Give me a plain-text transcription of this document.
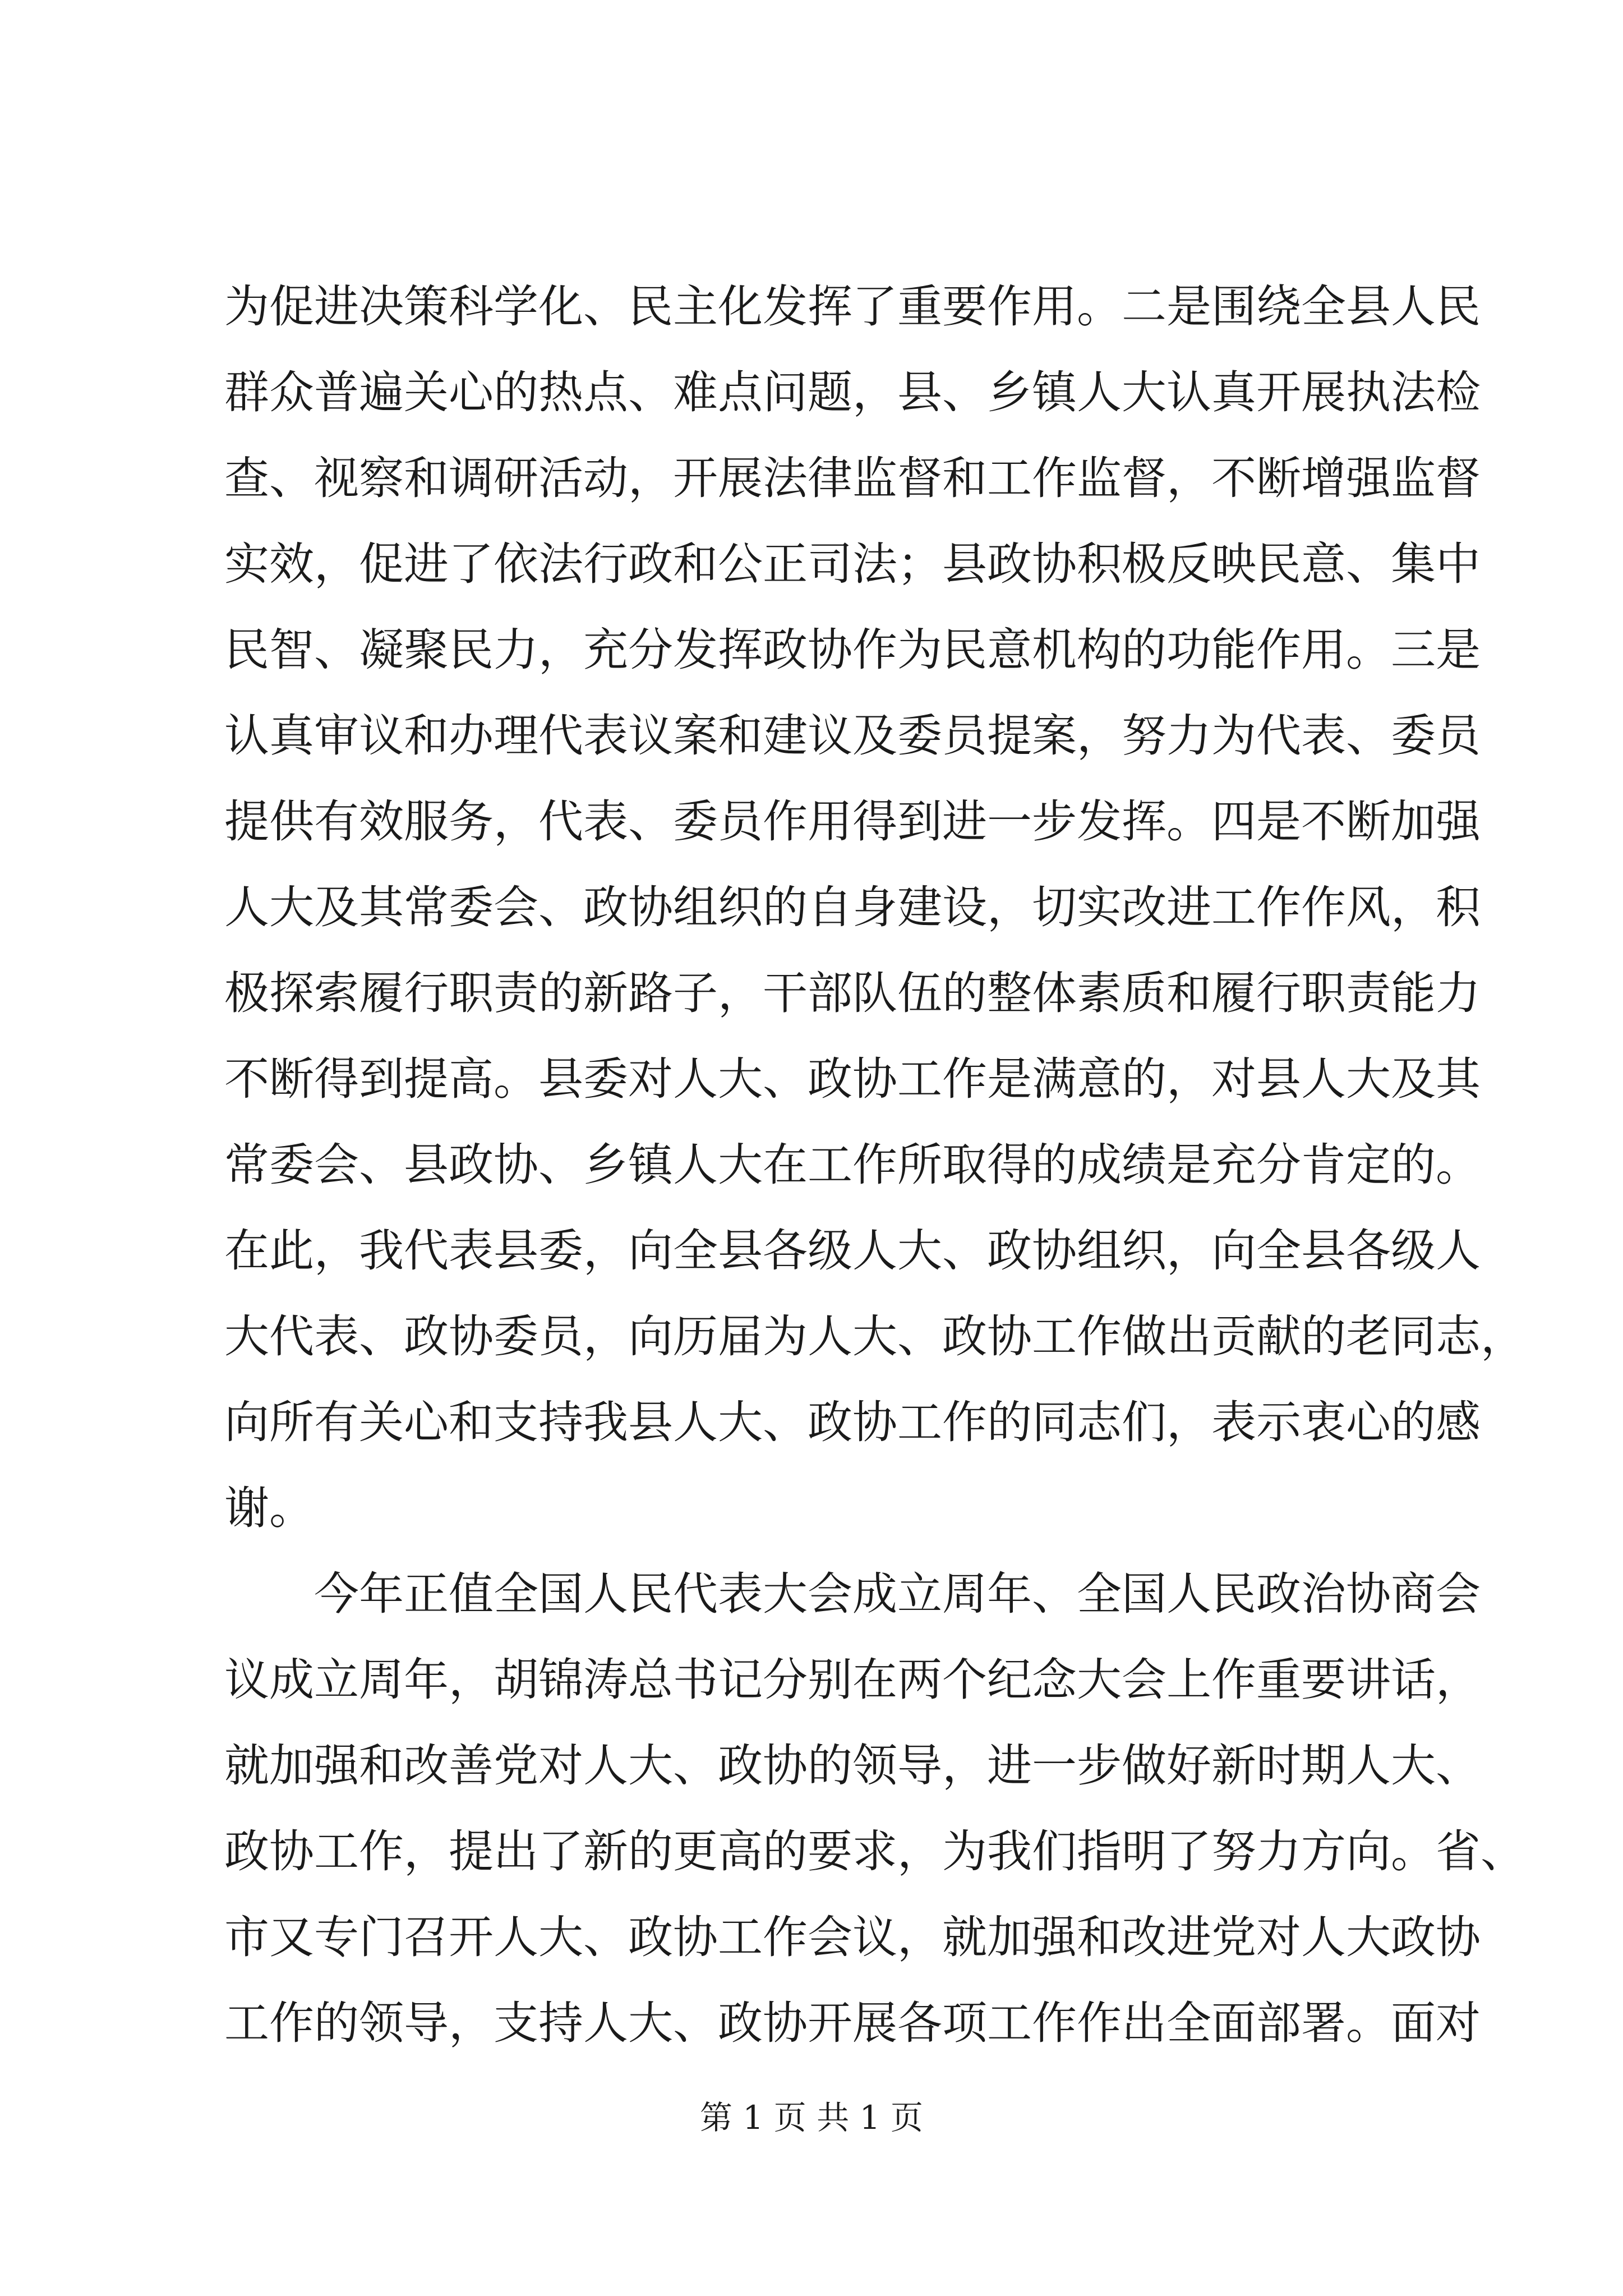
为促进决策科学化、民主化发挥了重要作用。二是围绕全县人民
群众普遍关心的热点、难点问题，县、乡镇人大认真开展执法检
查、视察和调研活动，开展法律监督和工作监督，不断增强监督
实效，促进了依法行政和公正司法；县政协积极反映民意、集中
民智、凝聚民力，充分发挥政协作为民意机构的功能作用。三是
认真审议和办理代表议案和建议及委员提案，努力为代表、委员
提供有效服务，代表、委员作用得到进一步发挥。四是不断加强
人大及其常委会、政协组织的自身建设，切实改进工作作风，积
极探索履行职责的新路子，干部队伍的整体素质和履行职责能力
不断得到提高。县委对人大、政协工作是满意的，对县人大及其
常委会、县政协、乡镇人大在工作所取得的成绩是充分肯定的。
在此，我代表县委，向全县各级人大、政协组织，向全县各级人
大代表、政协委员，向历届为人大、政协工作做出贡献的老同志，
向所有关心和支持我县人大、政协工作的同志们，表示衷心的感
谢。
今年正值全国人民代表大会成立周年、全国人民政治协商会
议成立周年，胡锦涛总书记分别在两个纪念大会上作重要讲话，
就加强和改善党对人大、政协的领导，进一步做好新时期人大、
政协工作，提出了新的更高的要求，为我们指明了努力方向。省、
市又专门召开人大、政协工作会议，就加强和改进党对人大政协
工作的领导，支持人大、政协开展各项工作作出全面部署。面对
第 1 页 共 1 页
